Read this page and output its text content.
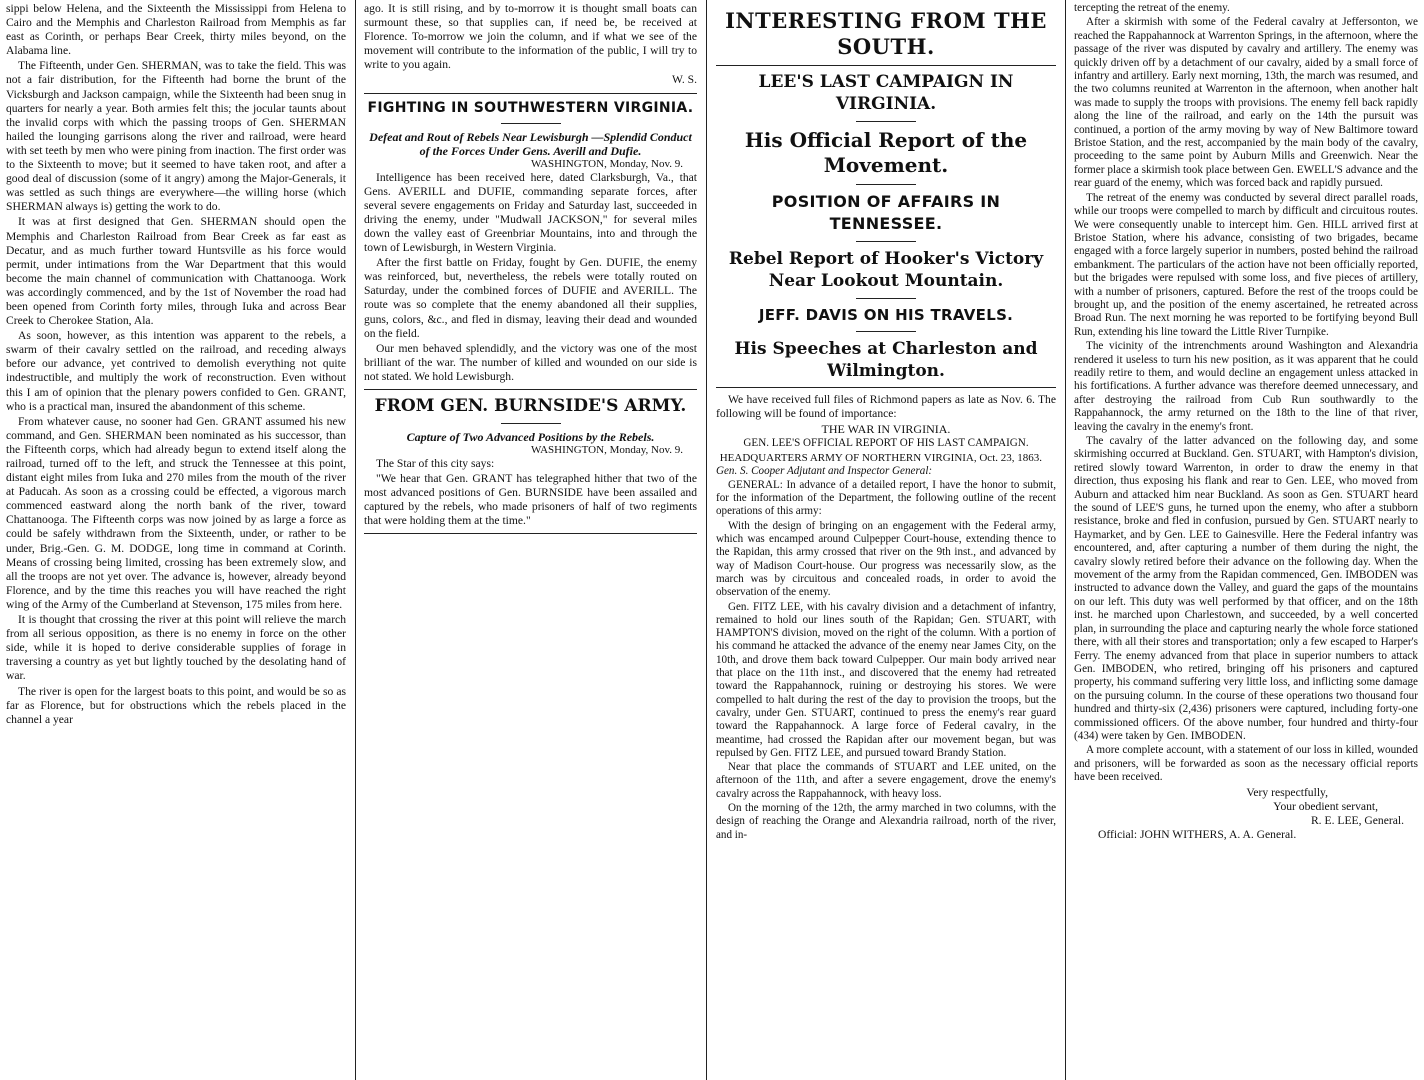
sippi below Helena, and the Sixteenth the Mississippi from Helena to Cairo and the Memphis and Charleston Railroad from Memphis as far east as Corinth, or perhaps Bear Creek, thirty miles beyond, on the Alabama line.

The Fifteenth, under Gen. SHERMAN, was to take the field. This was not a fair distribution, for the Fifteenth had borne the brunt of the Vicksburgh and Jackson campaign, while the Sixteenth had been snug in quarters for nearly a year. Both armies felt this; the jocular taunts about the invalid corps with which the passing troops of Gen. SHERMAN hailed the lounging garrisons along the river and railroad, were heard with set teeth by men who were pining from inaction. The first order was to the Sixteenth to move; but it seemed to have taken root, and after a good deal of discussion (some of it angry) among the Major-Generals, it was settled as such things are everywhere—the willing horse (which SHERMAN always is) getting the work to do.

It was at first designed that Gen. SHERMAN should open the Memphis and Charleston Railroad from Bear Creek as far east as Decatur, and as much further toward Huntsville as his force would permit, under intimations from the War Department that this would become the main channel of communication with Chattanooga. Work was accordingly commenced, and by the 1st of November the road had been opened from Corinth forty miles, through Iuka and across Bear Creek to Cherokee Station, Ala.

As soon, however, as this intention was apparent to the rebels, a swarm of their cavalry settled on the railroad, and receding always before our advance, yet contrived to demolish everything not quite indestructible, and multiply the work of reconstruction. Even without this I am of opinion that the plenary powers confided to Gen. GRANT, who is a practical man, insured the abandonment of this scheme.

From whatever cause, no sooner had Gen. GRANT assumed his new command, and Gen. SHERMAN been nominated as his successor, than the Fifteenth corps, which had already begun to extend itself along the railroad, turned off to the left, and struck the Tennessee at this point, distant eight miles from Iuka and 270 miles from the mouth of the river at Paducah. As soon as a crossing could be effected, a vigorous march commenced eastward along the north bank of the river, toward Chattanooga. The Fifteenth corps was now joined by as large a force as could be safely withdrawn from the Sixteenth, under, or rather to be under, Brig.-Gen. G. M. DODGE, long time in command at Corinth. Means of crossing being limited, crossing has been extremely slow, and all the troops are not yet over. The advance is, however, already beyond Florence, and by the time this reaches you will have reached the right wing of the Army of the Cumberland at Stevenson, 175 miles from here.

It is thought that crossing the river at this point will relieve the march from all serious opposition, as there is no enemy in force on the other side, while it is hoped to derive considerable supplies of forage in traversing a country as yet but lightly touched by the desolating hand of war.

The river is open for the largest boats to this point, and would be so as far as Florence, but for obstructions which the rebels placed in the channel a year

ago. It is still rising, and by to-morrow it is thought small boats can surmount these, so that supplies can, if need be, be received at Florence. To-morrow we join the column, and if what we see of the movement will contribute to the information of the public, I will try to write to you again.

W. S.
FIGHTING IN SOUTHWESTERN VIRGINIA.
Defeat and Rout of Rebels Near Lewisburgh —Splendid Conduct of the Forces Under Gens. Averill and Dufie.
WASHINGTON, Monday, Nov. 9.

Intelligence has been received here, dated Clarksburgh, Va., that Gens. AVERILL and DUFIE, commanding separate forces, after several severe engagements on Friday and Saturday last, succeeded in driving the enemy, under "Mudwall JACKSON," for several miles down the valley east of Greenbriar Mountains, into and through the town of Lewisburgh, in Western Virginia.

After the first battle on Friday, fought by Gen. DUFIE, the enemy was reinforced, but, nevertheless, the rebels were totally routed on Saturday, under the combined forces of DUFIE and AVERILL. The route was so complete that the enemy abandoned all their supplies, guns, colors, &c., and fled in dismay, leaving their dead and wounded on the field.

Our men behaved splendidly, and the victory was one of the most brilliant of the war. The number of killed and wounded on our side is not stated. We hold Lewisburgh.

FROM GEN. BURNSIDE'S ARMY.
Capture of Two Advanced Positions by the Rebels.
WASHINGTON, Monday, Nov. 9.

The Star of this city says:

"We hear that Gen. GRANT has telegraphed hither that two of the most advanced positions of Gen. BURNSIDE have been assailed and captured by the rebels, who made prisoners of half of two regiments that were holding them at the time."

INTERESTING FROM THE SOUTH.
LEE'S LAST CAMPAIGN IN VIRGINIA.
His Official Report of the Movement.
POSITION OF AFFAIRS IN TENNESSEE.
Rebel Report of Hooker's Victory Near Lookout Mountain.
JEFF. DAVIS ON HIS TRAVELS.
His Speeches at Charleston and Wilmington.

We have received full files of Richmond papers as late as Nov. 6. The following will be found of importance:

THE WAR IN VIRGINIA.

GEN. LEE'S OFFICIAL REPORT OF HIS LAST CAMPAIGN.

HEADQUARTERS ARMY OF NORTHERN VIRGINIA, Oct. 23, 1863.

Gen. S. Cooper Adjutant and Inspector General:

GENERAL: In advance of a detailed report, I have the honor to submit, for the information of the Department, the following outline of the recent operations of this army:

With the design of bringing on an engagement with the Federal army, which was encamped around Culpepper Court-house, extending thence to the Rapidan, this army crossed that river on the 9th inst., and advanced by way of Madison Court-house. Our progress was necessarily slow, as the march was by circuitous and concealed roads, in order to avoid the observation of the enemy.

Gen. FITZ LEE, with his cavalry division and a detachment of infantry, remained to hold our lines south of the Rapidan; Gen. STUART, with HAMPTON'S division, moved on the right of the column. With a portion of his command he attacked the advance of the enemy near James City, on the 10th, and drove them back toward Culpepper. Our main body arrived near that place on the 11th inst., and discovered that the enemy had retreated toward the Rappahannock, ruining or destroying his stores. We were compelled to halt during the rest of the day to provision the troops, but the cavalry, under Gen. STUART, continued to press the enemy's rear guard toward the Rappahannock. A large force of Federal cavalry, in the meantime, had crossed the Rapidan after our movement began, but was repulsed by Gen. FITZ LEE, and pursued toward Brandy Station.

Near that place the commands of STUART and LEE united, on the afternoon of the 11th, and after a severe engagement, drove the enemy's cavalry across the Rappahannock, with heavy loss.

On the morning of the 12th, the army marched in two columns, with the design of reaching the Orange and Alexandria railroad, north of the river, and in-

tercepting the retreat of the enemy.

After a skirmish with some of the Federal cavalry at Jeffersonton, we reached the Rappahannock at Warrenton Springs, in the afternoon, where the passage of the river was disputed by cavalry and artillery. The enemy was quickly driven off by a detachment of our cavalry, aided by a small force of infantry and artillery. Early next morning, 13th, the march was resumed, and the two columns reunited at Warrenton in the afternoon, when another halt was made to supply the troops with provisions. The enemy fell back rapidly along the line of the railroad, and early on the 14th the pursuit was continued, a portion of the army moving by way of New Baltimore toward Bristoe Station, and the rest, accompanied by the main body of the cavalry, proceeding to the same point by Auburn Mills and Greenwich. Near the former place a skirmish took place between Gen. EWELL'S advance and the rear guard of the enemy, which was forced back and rapidly pursued.

The retreat of the enemy was conducted by several direct parallel roads, while our troops were compelled to march by difficult and circuitous routes. We were consequently unable to intercept him. Gen. HILL arrived first at Bristoe Station, where his advance, consisting of two brigades, became engaged with a force largely superior in numbers, posted behind the railroad embankment. The particulars of the action have not been officially reported, but the brigades were repulsed with some loss, and five pieces of artillery, with a number of prisoners, captured. Before the rest of the troops could be brought up, and the position of the enemy ascertained, he retreated across Broad Run. The next morning he was reported to be fortifying beyond Bull Run, extending his line toward the Little River Turnpike.

The vicinity of the intrenchments around Washington and Alexandria rendered it useless to turn his new position, as it was apparent that he could readily retire to them, and would decline an engagement unless attacked in his fortifications. A further advance was therefore deemed unnecessary, and after destroying the railroad from Cub Run southwardly to the Rappahannock, the army returned on the 18th to the line of that river, leaving the cavalry in the enemy's front.

The cavalry of the latter advanced on the following day, and some skirmishing occurred at Buckland. Gen. STUART, with Hampton's division, retired slowly toward Warrenton, in order to draw the enemy in that direction, thus exposing his flank and rear to Gen. LEE, who moved from Auburn and attacked him near Buckland. As soon as Gen. STUART heard the sound of LEE'S guns, he turned upon the enemy, who after a stubborn resistance, broke and fled in confusion, pursued by Gen. STUART nearly to Haymarket, and by Gen. LEE to Gainesville. Here the Federal infantry was encountered, and, after capturing a number of them during the night, the cavalry slowly retired before their advance on the following day. When the movement of the army from the Rapidan commenced, Gen. IMBODEN was instructed to advance down the Valley, and guard the gaps of the mountains on our left. This duty was well performed by that officer, and on the 18th inst. he marched upon Charlestown, and succeeded, by a well concerted plan, in surrounding the place and capturing nearly the whole force stationed there, with all their stores and transportation; only a few escaped to Harper's Ferry. The enemy advanced from that place in superior numbers to attack Gen. IMBODEN, who retired, bringing off his prisoners and captured property, his command suffering very little loss, and inflicting some damage on the pursuing column. In the course of these operations two thousand four hundred and thirty-six (2,436) prisoners were captured, including forty-one commissioned officers. Of the above number, four hundred and thirty-four (434) were taken by Gen. IMBODEN.

A more complete account, with a statement of our loss in killed, wounded and prisoners, will be forwarded as soon as the necessary official reports have been received.

Very respectfully,
Your obedient servant,
R. E. LEE, General.
Official: JOHN WITHERS, A. A. General.
